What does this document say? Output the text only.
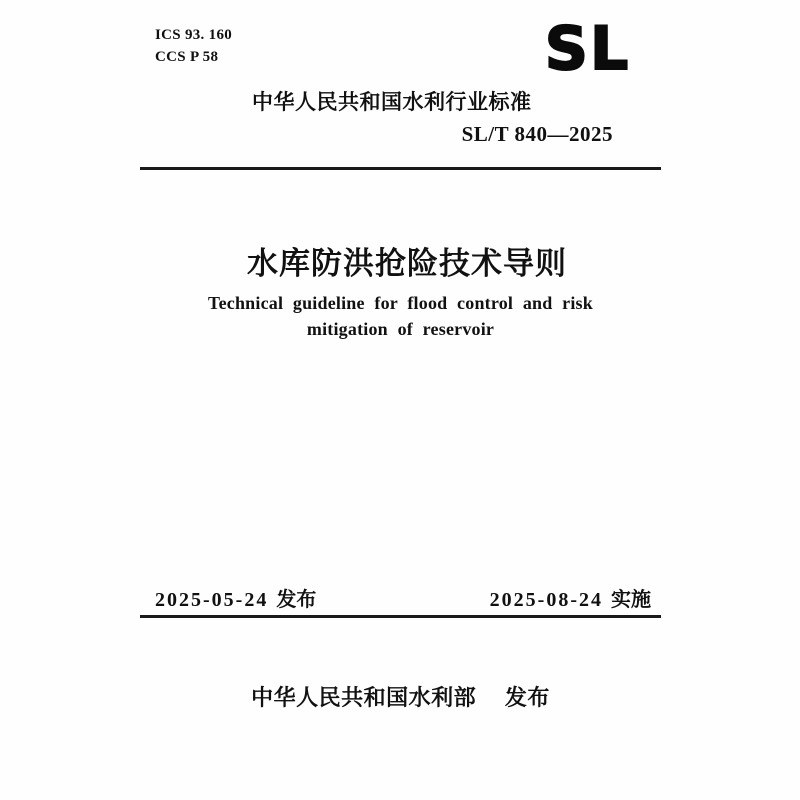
ICS 93. 160
CCS P 58	SL
中华人民共和国水利行业标准
SL/T 840—2025
水库防洪抢险技术导则
Technical guideline for flood control and risk
mitigation of reservoir
2025-05-24 发布	2025-08-24 实施
中华人民共和国水利部 发布
